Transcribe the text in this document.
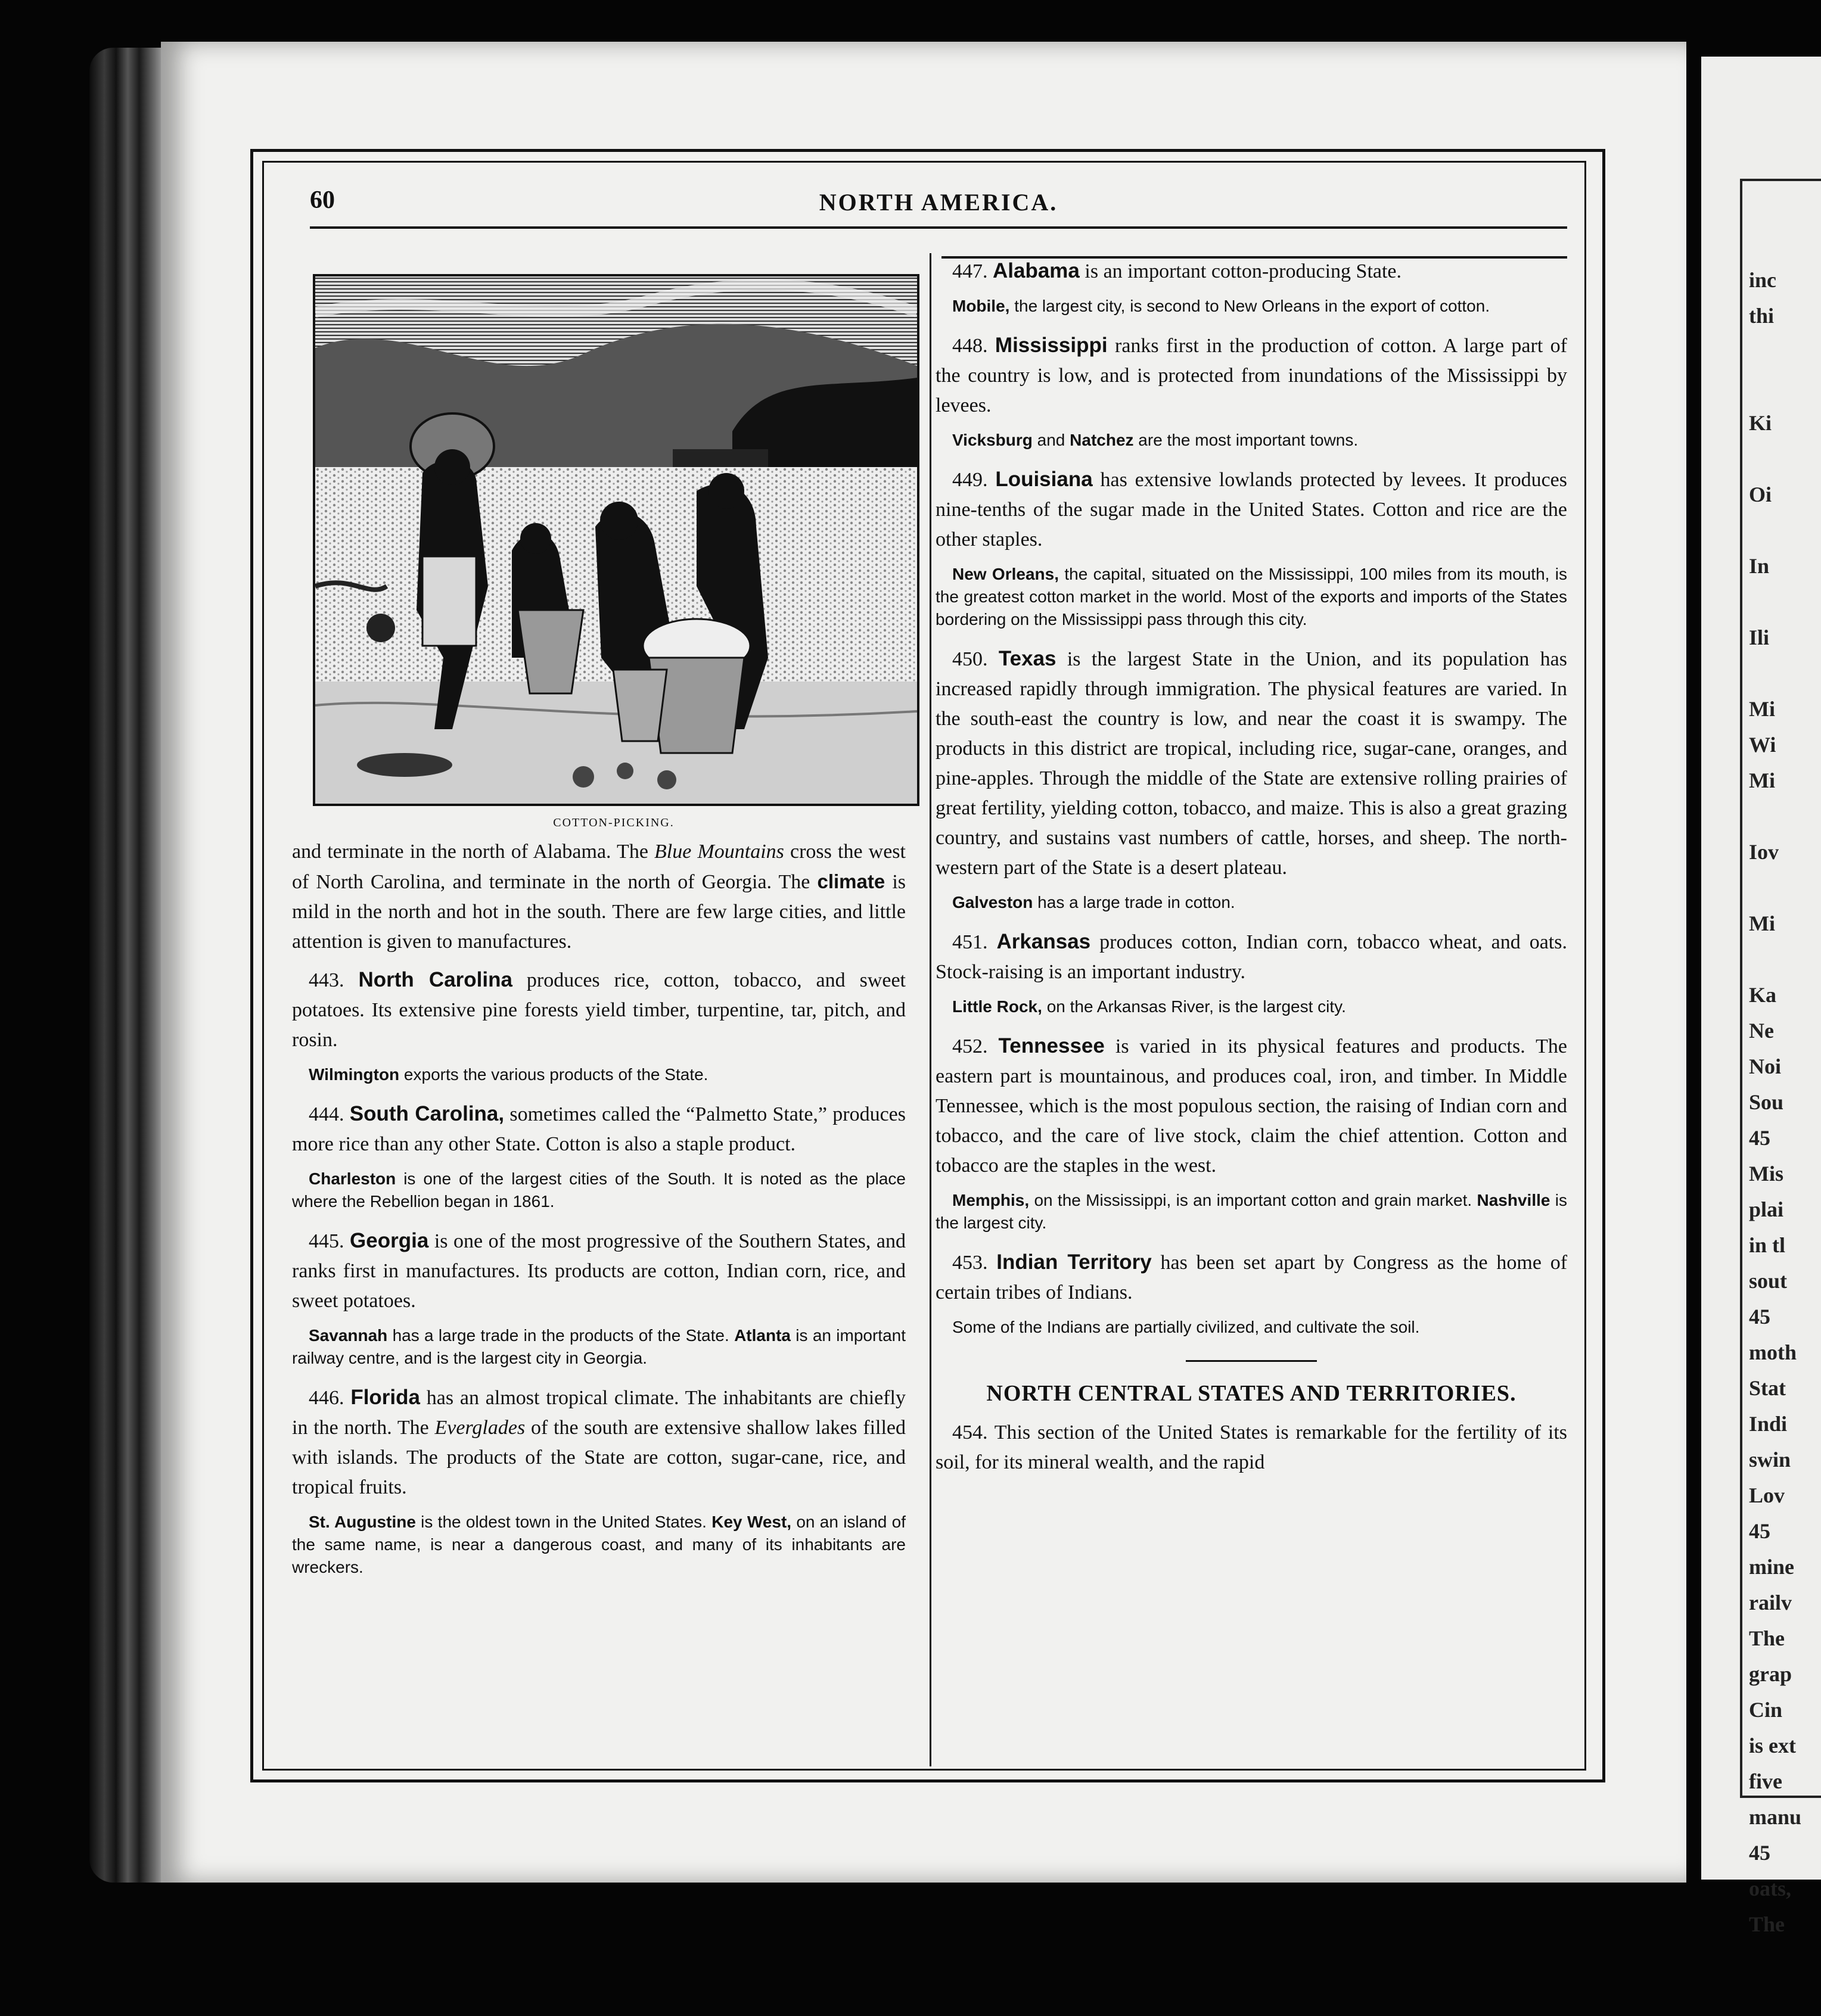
inc
thi

Ki

Oi

In

Ili

Mi
Wi
Mi

Iov

Mi

Ka
Ne
Noi
Sou
45
Mis
plai
in tl
sout
45
moth
Stat
Indi
swin
Lov
45
mine
railv
The
grap
Cin
is ext
five
manu
45
oats,
The
60	NORTH AMERICA.
COTTON-PICKING.

and terminate in the north of Alabama. The Blue Mountains cross the west of North Carolina, and terminate in the north of Georgia. The climate is mild in the north and hot in the south. There are few large cities, and little attention is given to manufactures.

443. North Carolina produces rice, cotton, tobacco, and sweet potatoes. Its extensive pine forests yield timber, turpentine, tar, pitch, and rosin.

Wilmington exports the various products of the State.

444. South Carolina, sometimes called the “Palmetto State,” produces more rice than any other State. Cotton is also a staple product.

Charleston is one of the largest cities of the South. It is noted as the place where the Rebellion began in 1861.

445. Georgia is one of the most progressive of the Southern States, and ranks first in manufactures. Its products are cotton, Indian corn, rice, and sweet potatoes.

Savannah has a large trade in the products of the State. Atlanta is an important railway centre, and is the largest city in Georgia.

446. Florida has an almost tropical climate. The inhabitants are chiefly in the north. The Everglades of the south are extensive shallow lakes filled with islands. The products of the State are cotton, sugar-cane, rice, and tropical fruits.

St. Augustine is the oldest town in the United States. Key West, on an island of the same name, is near a dangerous coast, and many of its inhabitants are wreckers.

447. Alabama is an important cotton-producing State.

Mobile, the largest city, is second to New Orleans in the export of cotton.

448. Mississippi ranks first in the production of cotton. A large part of the country is low, and is protected from inundations of the Mississippi by levees.

Vicksburg and Natchez are the most important towns.

449. Louisiana has extensive lowlands protected by levees. It produces nine-tenths of the sugar made in the United States. Cotton and rice are the other staples.

New Orleans, the capital, situated on the Mississippi, 100 miles from its mouth, is the greatest cotton market in the world. Most of the exports and imports of the States bordering on the Mississippi pass through this city.

450. Texas is the largest State in the Union, and its population has increased rapidly through immigration. The physical features are varied. In the south-east the country is low, and near the coast it is swampy. The products in this district are tropical, including rice, sugar-cane, oranges, and pine-apples. Through the middle of the State are extensive rolling prairies of great fertility, yielding cotton, tobacco, and maize. This is also a great grazing country, and sustains vast numbers of cattle, horses, and sheep. The north-western part of the State is a desert plateau.

Galveston has a large trade in cotton.

451. Arkansas produces cotton, Indian corn, tobacco wheat, and oats. Stock-raising is an important industry.

Little Rock, on the Arkansas River, is the largest city.

452. Tennessee is varied in its physical features and products. The eastern part is mountainous, and produces coal, iron, and timber. In Middle Tennessee, which is the most populous section, the raising of Indian corn and tobacco, and the care of live stock, claim the chief attention. Cotton and tobacco are the staples in the west.

Memphis, on the Mississippi, is an important cotton and grain market. Nashville is the largest city.

453. Indian Territory has been set apart by Congress as the home of certain tribes of Indians.

Some of the Indians are partially civilized, and cultivate the soil.
NORTH CENTRAL STATES AND TERRITORIES.

454. This section of the United States is remarkable for the fertility of its soil, for its mineral wealth, and the rapid
